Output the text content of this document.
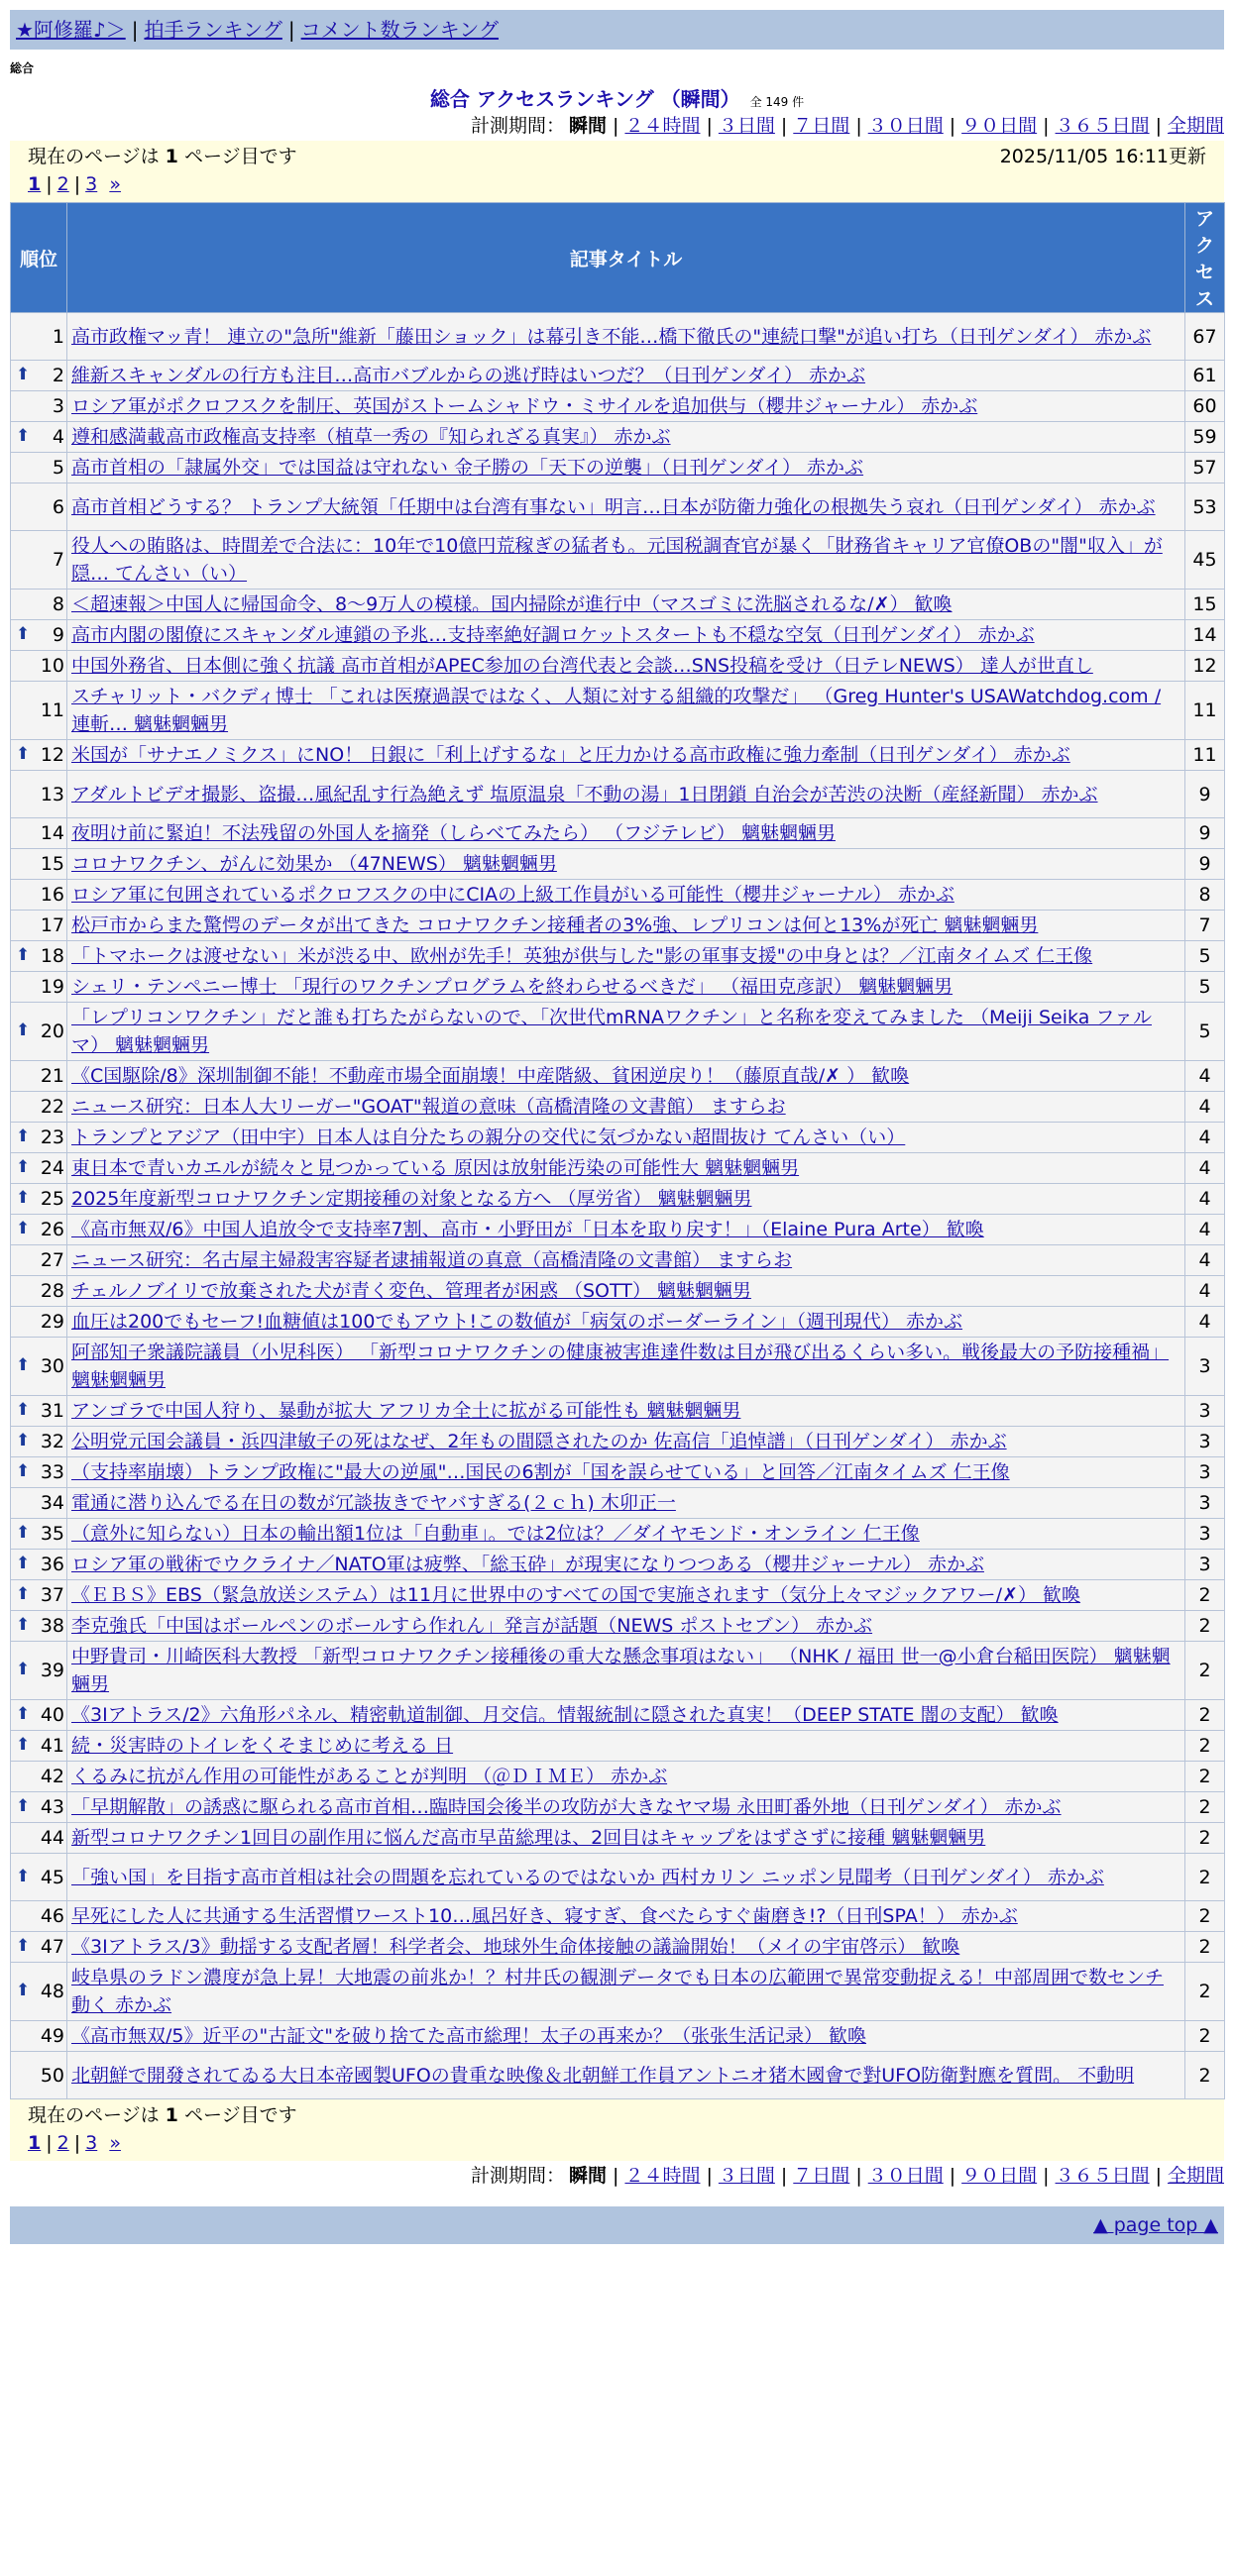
★阿修羅♪＞ | 拍手ランキング | コメント数ランキング
総合
総合 アクセスランキング （瞬間） 全 149 件
計測期間： 瞬間 | ２４時間 | ３日間 | ７日間 | ３０日間 | ９０日間 | ３６５日間 | 全期間
現在のページは 1 ページ目です	2025/11/05 16:11更新
1 | 2 | 3 »
順位	記事タイトル	アクセス
1	高市政権マッ青！ 連立の"急所"維新「藤田ショック」は幕引き不能…橋下徹氏の"連続口撃"が追い打ち（日刊ゲンダイ） 赤かぶ	67

⬆ 2	維新スキャンダルの行方も注目…高市バブルからの逃げ時はいつだ？（日刊ゲンダイ） 赤かぶ	61
3	ロシア軍がポクロフスクを制圧、英国がストームシャドウ・ミサイルを追加供与（櫻井ジャーナル） 赤かぶ	60

⬆ 4	遵和感満載高市政権高支持率（植草一秀の『知られざる真実』） 赤かぶ	59
5	高市首相の「隷属外交」では国益は守れない 金子勝の「天下の逆襲」（日刊ゲンダイ） 赤かぶ	57
6	高市首相どうする？ トランプ大統領「任期中は台湾有事ない」明言…日本が防衛力強化の根拠失う哀れ（日刊ゲンダイ） 赤かぶ	53
7	役人への賄賂は、時間差で合法に：10年で10億円荒稼ぎの猛者も。元国税調査官が暴く「財務省キャリア官僚OBの"闇"収入」が隠… てんさい（い）	45
8	＜超速報＞中国人に帰国命令、8～9万人の模様。国内掃除が進行中（マスゴミに洗脳されるな/✗） 歓喚	15

⬆ 9	高市内閣の閣僚にスキャンダル連鎖の予兆…支持率絶好調ロケットスタートも不穏な空気（日刊ゲンダイ） 赤かぶ	14
10	中国外務省、日本側に強く抗議 高市首相がAPEC参加の台湾代表と会談…SNS投稿を受け（日テレNEWS） 達人が世直し	12
11	スチャリット・バクディ博士 「これは医療過誤ではなく、人類に対する組織的攻撃だ」 （Greg Hunter's USAWatchdog.com / 連斬… 魑魅魍魎男	11

⬆ 12	米国が「サナエノミクス」にNO！ 日銀に「利上げするな」と圧力かける高市政権に強力牽制（日刊ゲンダイ） 赤かぶ	11
13	アダルトビデオ撮影、盗撮…風紀乱す行為絶えず 塩原温泉「不動の湯」1日閉鎖 自治会が苦渋の決断（産経新聞） 赤かぶ	9
14	夜明け前に緊迫！不法残留の外国人を摘発（しらべてみたら） （フジテレビ） 魑魅魍魎男	9
15	コロナワクチン、がんに効果か （47NEWS） 魑魅魍魎男	9
16	ロシア軍に包囲されているポクロフスクの中にCIAの上級工作員がいる可能性（櫻井ジャーナル） 赤かぶ	8
17	松戸市からまた驚愕のデータが出てきた コロナワクチン接種者の3%強、レプリコンは何と13%が死亡 魑魅魍魎男	7

⬆ 18	「トマホークは渡せない」米が渋る中、欧州が先手！英独が供与した"影の軍事支援"の中身とは？／江南タイムズ 仁王像	5
19	シェリ・テンペニー博士 「現行のワクチンプログラムを終わらせるべきだ」 （福田克彦訳） 魑魅魍魎男	5

⬆ 20	「レプリコンワクチン」だと誰も打ちたがらないので、「次世代mRNAワクチン」と名称を変えてみました （Meiji Seika ファルマ） 魑魅魍魎男	5
21	《C国駆除/8》深圳制御不能！不動産市場全面崩壊！中産階級、貧困逆戻り！（藤原直哉/✗ ） 歓喚	4
22	ニュース研究：日本人大リーガー"GOAT"報道の意味（高橋清隆の文書館） ますらお	4

⬆ 23	トランプとアジア（田中宇）日本人は自分たちの親分の交代に気づかない超間抜け てんさい（い）	4

⬆ 24	東日本で青いカエルが続々と見つかっている 原因は放射能汚染の可能性大 魑魅魍魎男	4

⬆ 25	2025年度新型コロナワクチン定期接種の対象となる方へ （厚労省） 魑魅魍魎男	4

⬆ 26	《高市無双/6》中国人追放令で支持率7割、高市・小野田が「日本を取り戻す！」（Elaine Pura Arte） 歓喚	4
27	ニュース研究：名古屋主婦殺害容疑者逮捕報道の真意（高橋清隆の文書館） ますらお	4
28	チェルノブイリで放棄された犬が青く変色、管理者が困惑 （SOTT） 魑魅魍魎男	4
29	血圧は200でもセーフ!血糖値は100でもアウト!この数値が「病気のボーダーライン」（週刊現代） 赤かぶ	4

⬆ 30	阿部知子衆議院議員（小児科医） 「新型コロナワクチンの健康被害進達件数は目が飛び出るくらい多い。戦後最大の予防接種禍」 魑魅魍魎男	3

⬆ 31	アンゴラで中国人狩り、暴動が拡大 アフリカ全土に拡がる可能性も 魑魅魍魎男	3

⬆ 32	公明党元国会議員・浜四津敏子の死はなぜ、2年もの間隠されたのか 佐高信「追悼譜」（日刊ゲンダイ） 赤かぶ	3

⬆ 33	（支持率崩壊）トランプ政権に"最大の逆風"…国民の6割が「国を誤らせている」と回答／江南タイムズ 仁王像	3
34	電通に潜り込んでる在日の数が冗談抜きでヤバすぎる(２ｃｈ) 木卯正一	3

⬆ 35	（意外に知らない）日本の輸出額1位は「自動車」。では2位は？／ダイヤモンド・オンライン 仁王像	3

⬆ 36	ロシア軍の戦術でウクライナ／NATO軍は疲弊、「総玉砕」が現実になりつつある（櫻井ジャーナル） 赤かぶ	3

⬆ 37	《ＥＢＳ》EBS（緊急放送システム）は11月に世界中のすべての国で実施されます（気分上々マジックアワー/✗） 歓喚	2

⬆ 38	李克強氏「中国はボールペンのボールすら作れん」発言が話題（NEWS ポストセブン） 赤かぶ	2

⬆ 39	中野貴司・川崎医科大教授 「新型コロナワクチン接種後の重大な懸念事項はない」 （NHK / 福田 世一@小倉台稲田医院） 魑魅魍魎男	2

⬆ 40	《3Iアトラス/2》六角形パネル、精密軌道制御、月交信。情報統制に隠された真実！（DEEP STATE 闇の支配） 歓喚	2

⬆ 41	続・災害時のトイレをくそまじめに考える 日	2
42	くるみに抗がん作用の可能性があることが判明 （＠ＤＩＭＥ） 赤かぶ	2

⬆ 43	「早期解散」の誘惑に駆られる高市首相…臨時国会後半の攻防が大きなヤマ場 永田町番外地（日刊ゲンダイ） 赤かぶ	2
44	新型コロナワクチン1回目の副作用に悩んだ高市早苗総理は、2回目はキャップをはずさずに接種 魑魅魍魎男	2

⬆ 45	「強い国」を目指す高市首相は社会の問題を忘れているのではないか 西村カリン ニッポン見聞考（日刊ゲンダイ） 赤かぶ	2
46	早死にした人に共通する生活習慣ワースト10…風呂好き、寝すぎ、食べたらすぐ歯磨き!?（日刊SPA！） 赤かぶ	2

⬆ 47	《3Iアトラス/3》動揺する支配者層！科学者会、地球外生命体接触の議論開始！（メイの宇宙啓示） 歓喚	2

⬆ 48	岐阜県のラドン濃度が急上昇！大地震の前兆か！？村井氏の観測データでも日本の広範囲で異常変動捉える！中部周囲で数センチ動く 赤かぶ	2
49	《高市無双/5》近平の"古証文"を破り捨てた高市総理！太子の再来か？（张张生活记录） 歓喚	2
50	北朝鮮で開發されてゐる大日本帝國製UFOの貴重な映像＆北朝鮮工作員アントニオ猪木國會で對UFO防衛對應を質問。 不動明	2
現在のページは 1 ページ目です
1 | 2 | 3 »
計測期間： 瞬間 | ２４時間 | ３日間 | ７日間 | ３０日間 | ９０日間 | ３６５日間 | 全期間
▲ page top ▲
